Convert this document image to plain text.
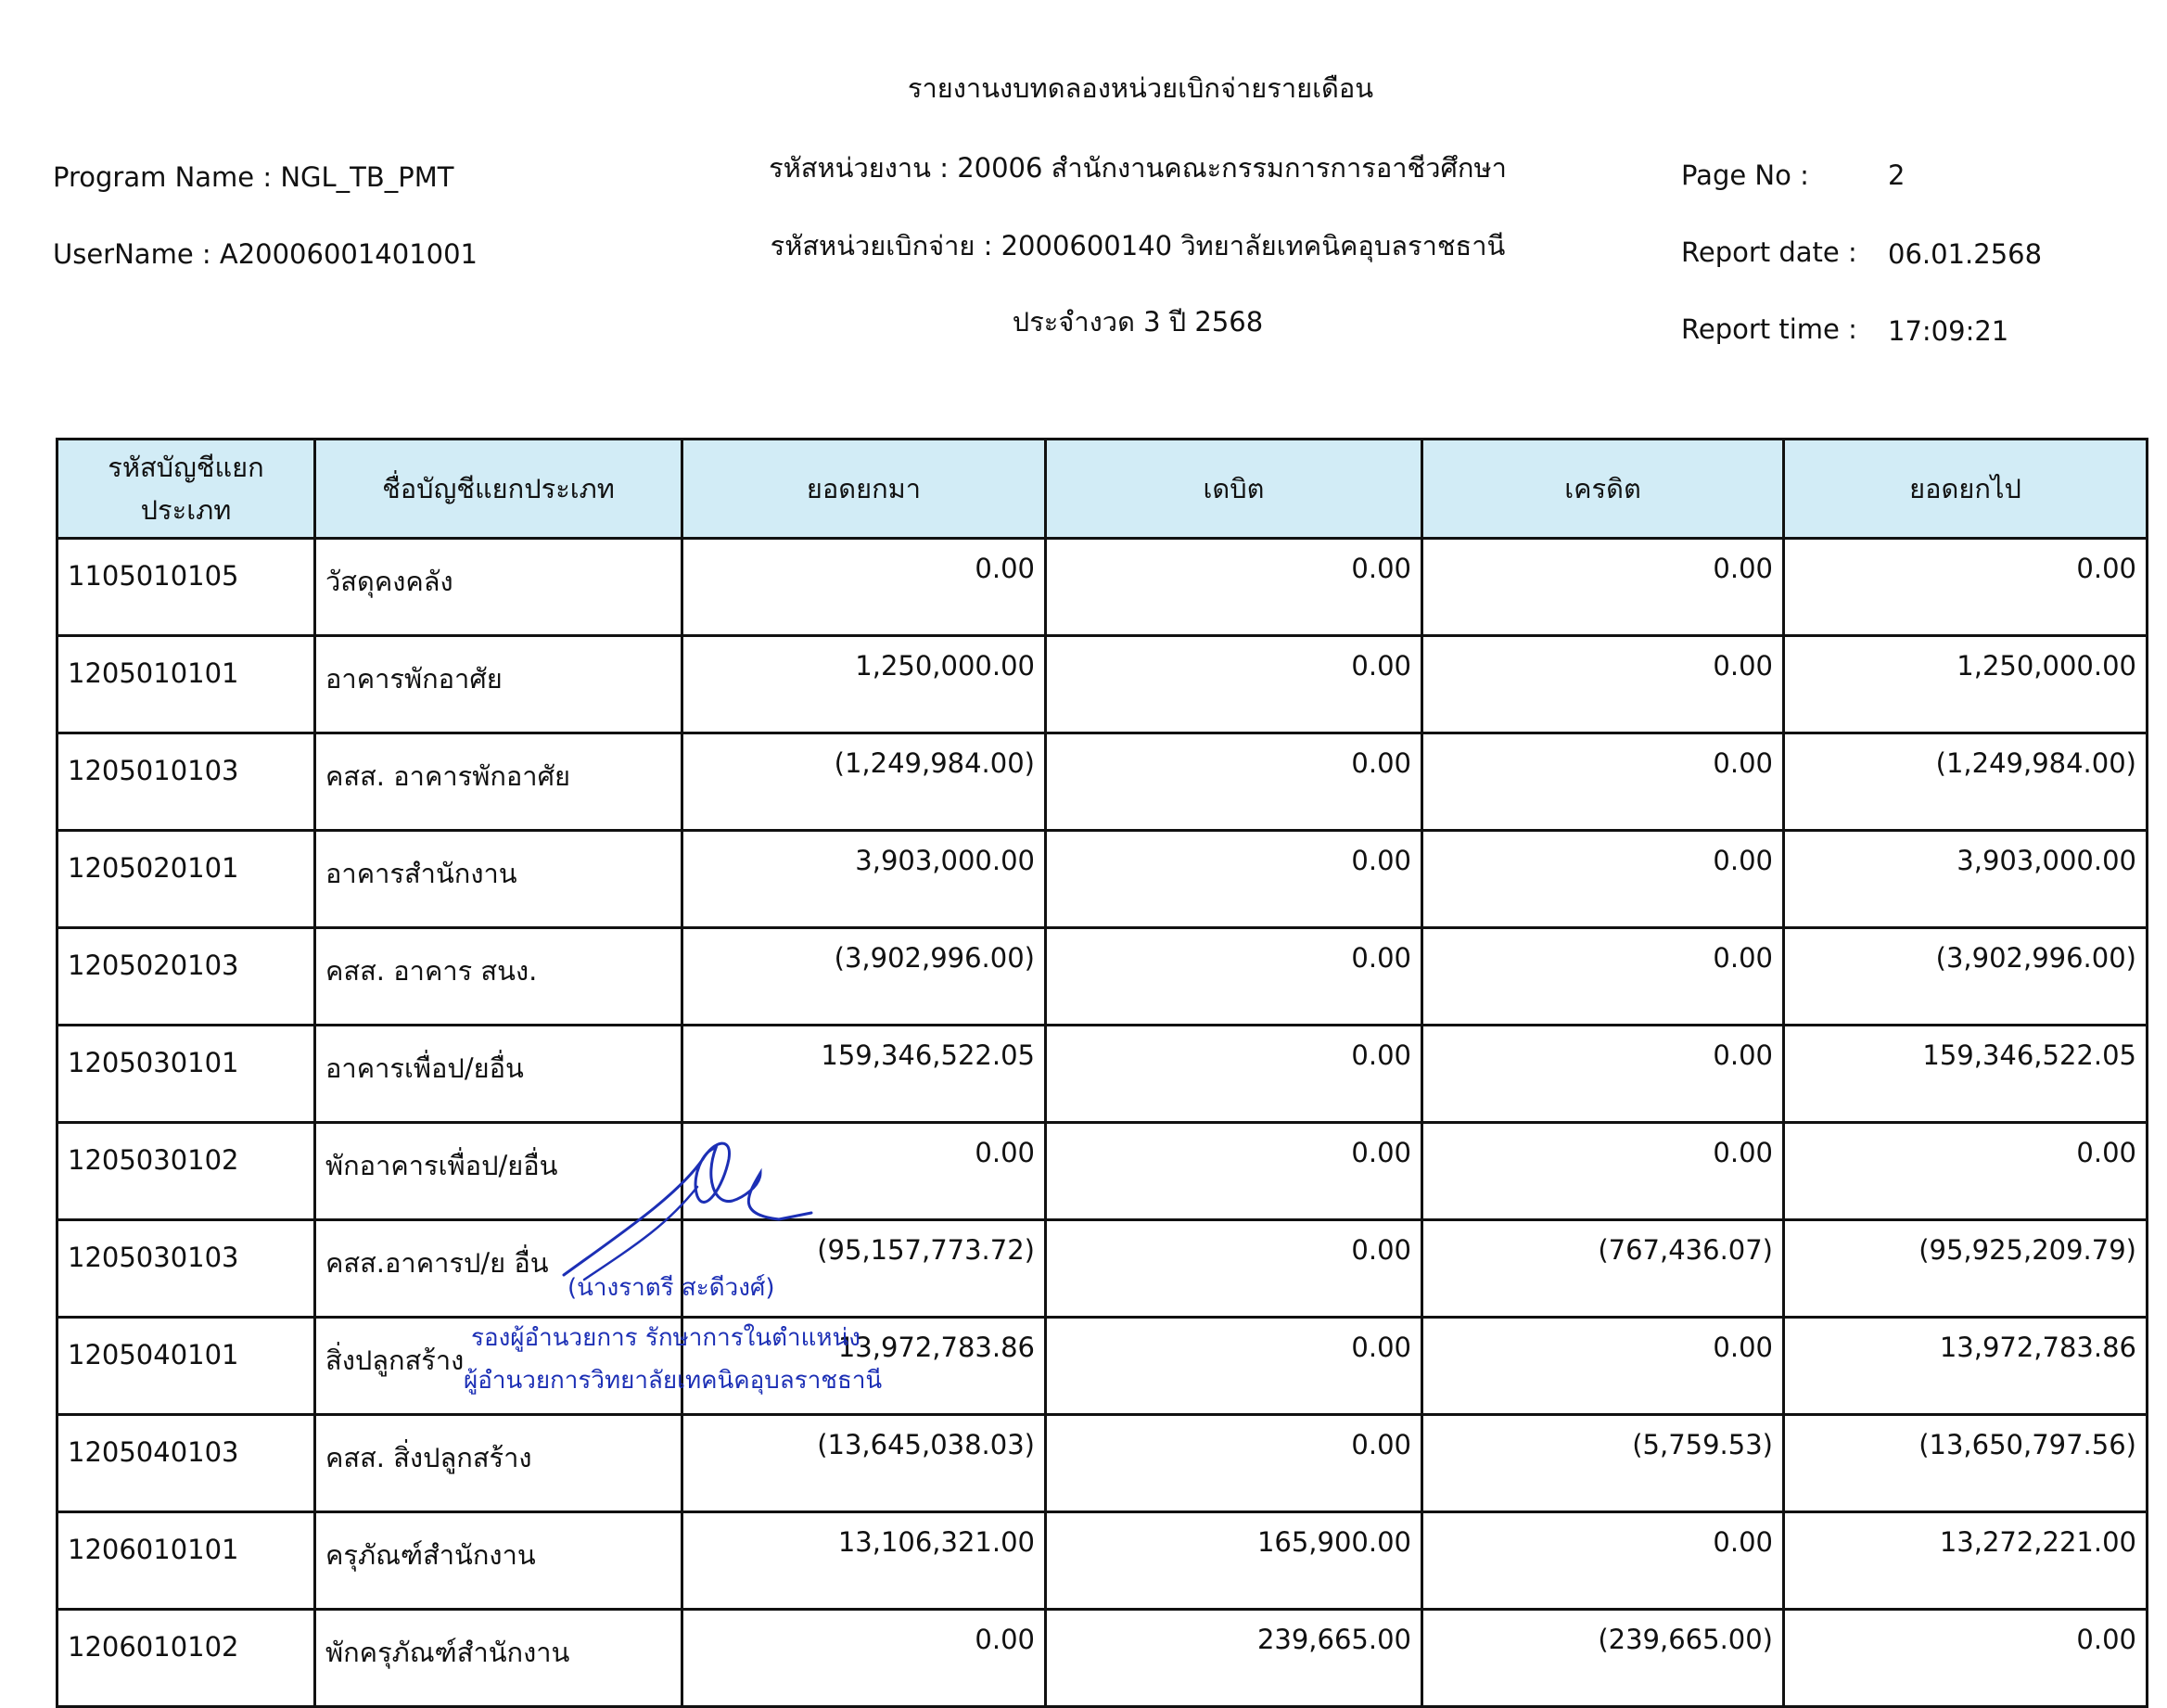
รายงานงบทดลองหน่วยเบิกจ่ายรายเดือน
Program Name : NGL_TB_PMT
UserName : A20006001401001
รหัสหน่วยงาน : 20006 สำนักงานคณะกรรมการการอาชีวศึกษา
รหัสหน่วยเบิกจ่าย : 2000600140 วิทยาลัยเทคนิคอุบลราชธานี
ประจำงวด 3 ปี 2568
Page No :	2
Report date : 06.01.2568
Report time : 17:09:21
รหัสบัญชีแยกประเภท	ชื่อบัญชีแยกประเภท	ยอดยกมา	เดบิต	เครดิต	ยอดยกไป
1105010105	วัสดุคงคลัง	0.00	0.00	0.00	0.00
1205010101	อาคารพักอาศัย	1,250,000.00	0.00	0.00	1,250,000.00
1205010103	คสส. อาคารพักอาศัย	(1,249,984.00)	0.00	0.00	(1,249,984.00)
1205020101	อาคารสำนักงาน	3,903,000.00	0.00	0.00	3,903,000.00
1205020103	คสส. อาคาร สนง.	(3,902,996.00)	0.00	0.00	(3,902,996.00)
1205030101	อาคารเพื่อป/ยอื่น	159,346,522.05	0.00	0.00	159,346,522.05
1205030102	พักอาคารเพื่อป/ยอื่น	0.00	0.00	0.00	0.00
1205030103	คสส.อาคารป/ย อื่น	(95,157,773.72)	0.00	(767,436.07)	(95,925,209.79)
1205040101	สิ่งปลูกสร้าง	13,972,783.86	0.00	0.00	13,972,783.86
1205040103	คสส. สิ่งปลูกสร้าง	(13,645,038.03)	0.00	(5,759.53)	(13,650,797.56)
1206010101	ครุภัณฑ์สำนักงาน	13,106,321.00	165,900.00	0.00	13,272,221.00
1206010102	พักครุภัณฑ์สำนักงาน	0.00	239,665.00	(239,665.00)	0.00
(นางราตรี สะดีวงศ์)
รองผู้อำนวยการ รักษาการในตำแหน่ง
ผู้อำนวยการวิทยาลัยเทคนิคอุบลราชธานี
